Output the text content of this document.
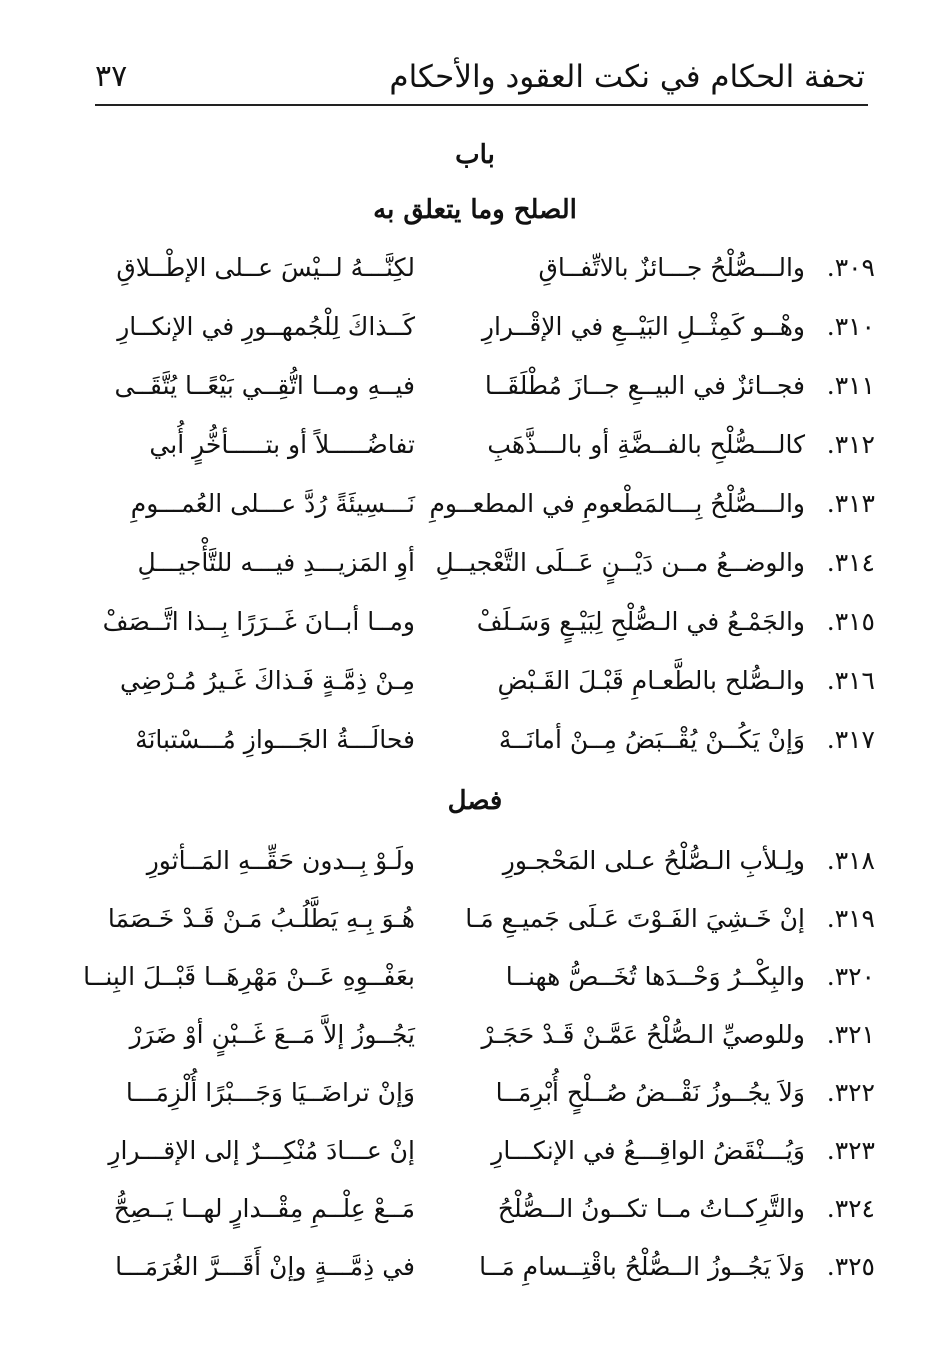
تحفة الحكام في نكت العقود والأحكام
٣٧
باب
الصلح وما يتعلق به
٣٠٩.
والـــصُّلْحُ جـــائزٌ بالاتِّفــاقِ
لكِنَّـــهُ لــيْسَ عــلى الإطْــلاقِ
٣١٠.
وهْــو كَمِثْــلِ البَيْــعِ في الإقْــرارِ
كَــذاكَ لِلْجُمهــورِ في الإنكــارِ
٣١١.
فجــائزٌ في البيــعِ جــازَ مُطْلَقَــا
فيــهِ ومــا اتُّقِــي بَيْعًــا يُتَّقَــى
٣١٢.
كالـــصُّلْحِ بالفــضَّةِ أو بالـــذَّهَبِ
تفاضُـــــلاً أو بتـــــأخُّرٍ أُبي
٣١٣.
والـــصُّلْحُ بِـــالمَطْعومِ في المطعــومِ
نَـــسِيئَةً رُدَّ عـــلى العُمـــومِ
٣١٤.
والوضــعُ مــن دَيْــنٍ عَــلَى التَّعْجيــلِ
أوِ المَزيـــدِ فيـــه للتَّأْجيـــلِ
٣١٥.
والجَمْـعُ في الـصُّلْحِ لِبَيْـعٍ وَسَـلَفْ
ومــا أبــانَ غَــرَرًا بِــذا اتَّــصَفْ
٣١٦.
والـصُّلح بالطَّعـامِ قَبْـلَ القَـبْضِ
مِـنْ ذِمَّـةٍ فَـذاكَ غَـيرُ مُـرْضِي
٣١٧.
وَإنْ يَكُــنْ يُقْــبَضُ مِــنْ أمانَــهْ
فحالَـــةُ الجَـــوازِ مُـــسْتبانَهْ
فصل
٣١٨.
ولِـلأبِ الـصُّلْحُ عـلى المَحْجـورِ
ولَـوْ بِــدون حَقِّــهِ المَــأثورِ
٣١٩.
إنْ خَـشِيَ الفَـوْتَ عَـلَى جَميـعِ مَـا
هُـوَ بِـهِ يَطَّلُـبُ مَـنْ قَـدْ خَـصَمَا
٣٢٠.
والبِكْــرُ وَحْــدَها تُخَــصُّ ههنــا
بعَفْــوِهِ عَــنْ مَهْرِهَــا قَبْــلَ البِنــا
٣٢١.
وللوصيِّ الـصُّلْحُ عَمَّـنْ قَـدْ حَجَـرْ
يَجُــوزُ إلاَّ مَــعَ غَــبْنٍ أوْ ضَرَرْ
٣٢٢.
وَلاَ يجُــوزُ نَقْــضُ صُــلْحٍ أُبْرِمَــا
وَإنْ تراضَــيَا وَجَـــبْرًا أُلْزِمَـــا
٣٢٣.
وَيُـــنْقَضُ الواقِـــعُ في الإنكـــارِ
إنْ عـــادَ مُنْكِـــرٌ إلى الإقـــرارِ
٣٢٤.
والتَّرِكــاتُ مــا تكــونُ الــصُّلْحُ
مَــعْ عِلْــمِ مِقْــدارٍ لهــا يَــصِحُّ
٣٢٥.
وَلاَ يَجُــوزُ الــصُّلْحُ باقْتِــسامِ مَــا
في ذِمَّـــةٍ وإنْ أَقَـــرَّ الغُرَمَـــا
